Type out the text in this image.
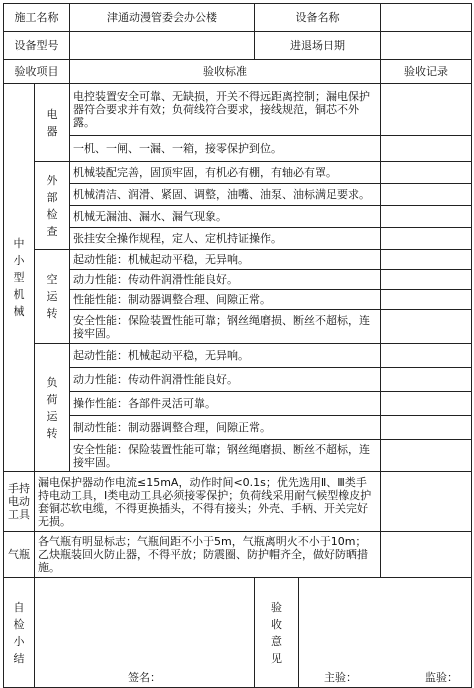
施工名称		津通动漫管委会办公楼	设备名称		
设备型号			进退场日期		
验收项目		验收标准			验收记录
中小型机械	电器	电控装置安全可靠、无缺损，开关不得远距离控制；漏电保护器符合要求并有效；负荷线符合要求，接线规范，铜芯不外露。			
		一机、一闸、一漏、一箱，接零保护到位。			
	外部检查	机械装配完善，固顶牢固，有机必有棚，有轴必有罩。			
		机械清洁、润滑、紧固、调整，油嘴、油泵、油标满足要求。			
		机械无漏油、漏水、漏气现象。			
		张挂安全操作规程，定人、定机持证操作。			
	空运转	起动性能：机械起动平稳，无异响。			
		动力性能：传动件润滑性能良好。			
		性能性能：制动器调整合理、间隙正常。			
		安全性能：保险装置性能可靠；钢丝绳磨损、断丝不超标，连接牢固。			
	负荷运转	起动性能：机械起动平稳，无异响。			
		动力性能：传动件润滑性能良好。			
		操作性能：各部件灵活可靠。			
		制动性能：制动器调整合理，间隙正常。			
		安全性能：保险装置性能可靠；钢丝绳磨损、断丝不超标，连接牢固。			
手持电动工具	漏电保护器动作电流≤15mA，动作时间<0.1s；优先选用Ⅱ、Ⅲ类手持电动工具，Ⅰ类电动工具必须接零保护；负荷线采用耐气候型橡皮护套铜芯软电缆，不得更换插头，不得有接头；外壳、手柄、开关完好无损。				
气瓶	各气瓶有明显标志；气瓶间距不小于5m，气瓶离明火不小于10m；乙炔瓶装回火防止器，不得平放；防震圈、防护帽齐全，做好防晒措施。				
自检小结	签名：		验收意见	主验： 监验：	
